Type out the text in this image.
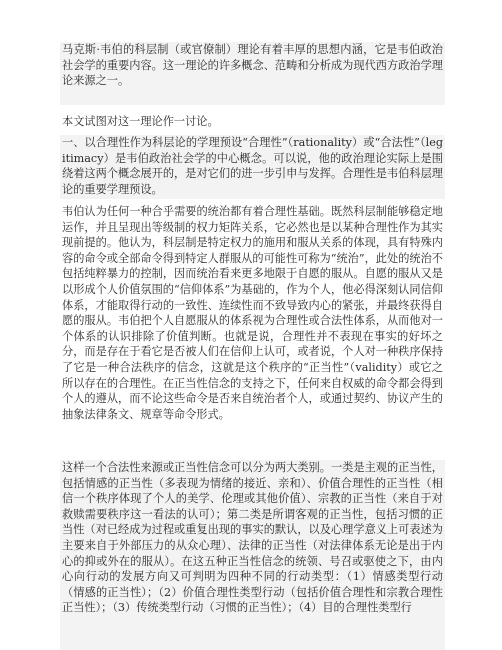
马克斯·韦伯的科层制（或官僚制）理论有着丰厚的思想内涵，它是韦伯政治社会学的重要内容。这一理论的许多概念、范畴和分析成为现代西方政治学理论来源之一。
本文试图对这一理论作一讨论。
一、以合理性作为科层论的学理预设“合理性”（rationality）或“合法性”（legitimacy）是韦伯政治社会学的中心概念。可以说，他的政治理论实际上是围绕着这两个概念展开的，是对它们的进一步引申与发挥。合理性是韦伯科层理论的重要学理预设。
韦伯认为任何一种合乎需要的统治都有着合理性基础。既然科层制能够稳定地运作，并且呈现出等级制的权力矩阵关系，它必然也是以某种合理性作为其实现前提的。他认为，科层制是特定权力的施用和服从关系的体现，具有特殊内容的命令或全部命令得到特定人群服从的可能性可称为“统治”，此处的统治不包括纯粹暴力的控制，因而统治看来更多地限于自愿的服从。自愿的服从又是以形成个人价值氛围的“信仰体系”为基础的，作为个人，他必得深刻认同信仰体系，才能取得行动的一致性、连续性而不致导致内心的紧张，并最终获得自愿的服从。韦伯把个人自愿服从的体系视为合理性或合法性体系，从而他对一个体系的认识排除了价值判断。也就是说，合理性并不表现在事实的好坏之分，而是存在于看它是否被人们在信仰上认可，或者说，个人对一种秩序保持了它是一种合法秩序的信念，这就是这个秩序的“正当性”（validity）或它之所以存在的合理性。在正当性信念的支持之下，任何来自权威的命令都会得到个人的遵从，而不论这些命令是否来自统治者个人，或通过契约、协议产生的抽象法律条文、规章等命令形式。
这样一个合法性来源或正当性信念可以分为两大类别。一类是主观的正当性，包括情感的正当性（多表现为情绪的接近、亲和）、价值合理性的正当性（相信一个秩序体现了个人的美学、伦理或其他价值）、宗教的正当性（来自于对救赎需要秩序这一看法的认可）；第二类是所谓客观的正当性，包括习惯的正当性（对已经成为过程或重复出现的事实的默认，以及心理学意义上可表述为主要来自于外部压力的从众心理）、法律的正当性（对法律体系无论是出于内心的抑或外在的服从）。在这五种正当性信念的统领、号召或驱使之下，由内心向行动的发展方向又可判明为四种不同的行动类型：（1）情感类型行动（情感的正当性）；（2）价值合理性类型行动（包括价值合理性和宗教合理性正当性）；（3）传统类型行动（习惯的正当性）；（4）目的合理性类型行
